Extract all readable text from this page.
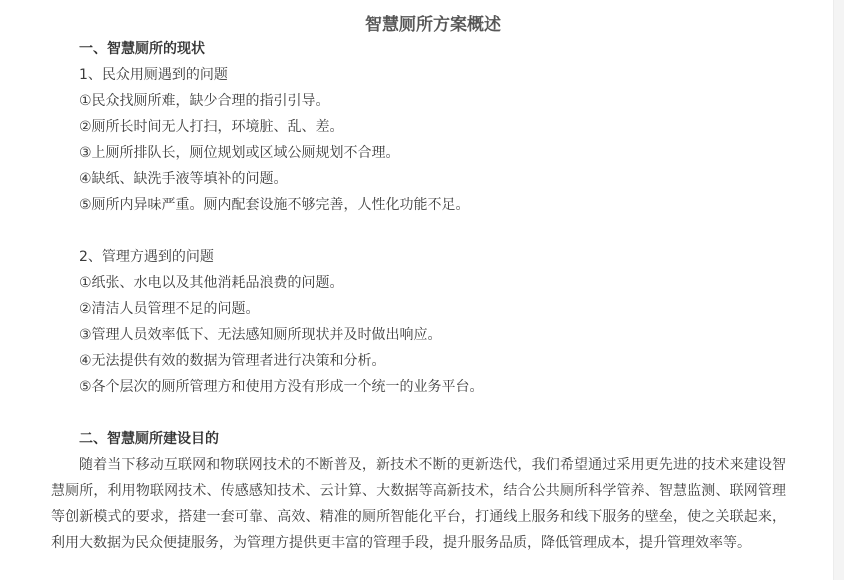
智慧厕所方案概述
一、智慧厕所的现状
1、民众用厕遇到的问题
①民众找厕所难，缺少合理的指引引导。
②厕所长时间无人打扫，环境脏、乱、差。
③上厕所排队长，厕位规划或区域公厕规划不合理。
④缺纸、缺洗手液等填补的问题。
⑤厕所内异味严重。厕内配套设施不够完善，人性化功能不足。
2、管理方遇到的问题
①纸张、水电以及其他消耗品浪费的问题。
②清洁人员管理不足的问题。
③管理人员效率低下、无法感知厕所现状并及时做出响应。
④无法提供有效的数据为管理者进行决策和分析。
⑤各个层次的厕所管理方和使用方没有形成一个统一的业务平台。
二、智慧厕所建设目的

随着当下移动互联网和物联网技术的不断普及，新技术不断的更新迭代，我们希望通过采用更先进的技术来建设智慧厕所，利用物联网技术、传感感知技术、云计算、大数据等高新技术，结合公共厕所科学管养、智慧监测、联网管理等创新模式的要求，搭建一套可靠、高效、精准的厕所智能化平台，打通线上服务和线下服务的壁垒，使之关联起来，利用大数据为民众便捷服务，为管理方提供更丰富的管理手段，提升服务品质，降低管理成本，提升管理效率等。
